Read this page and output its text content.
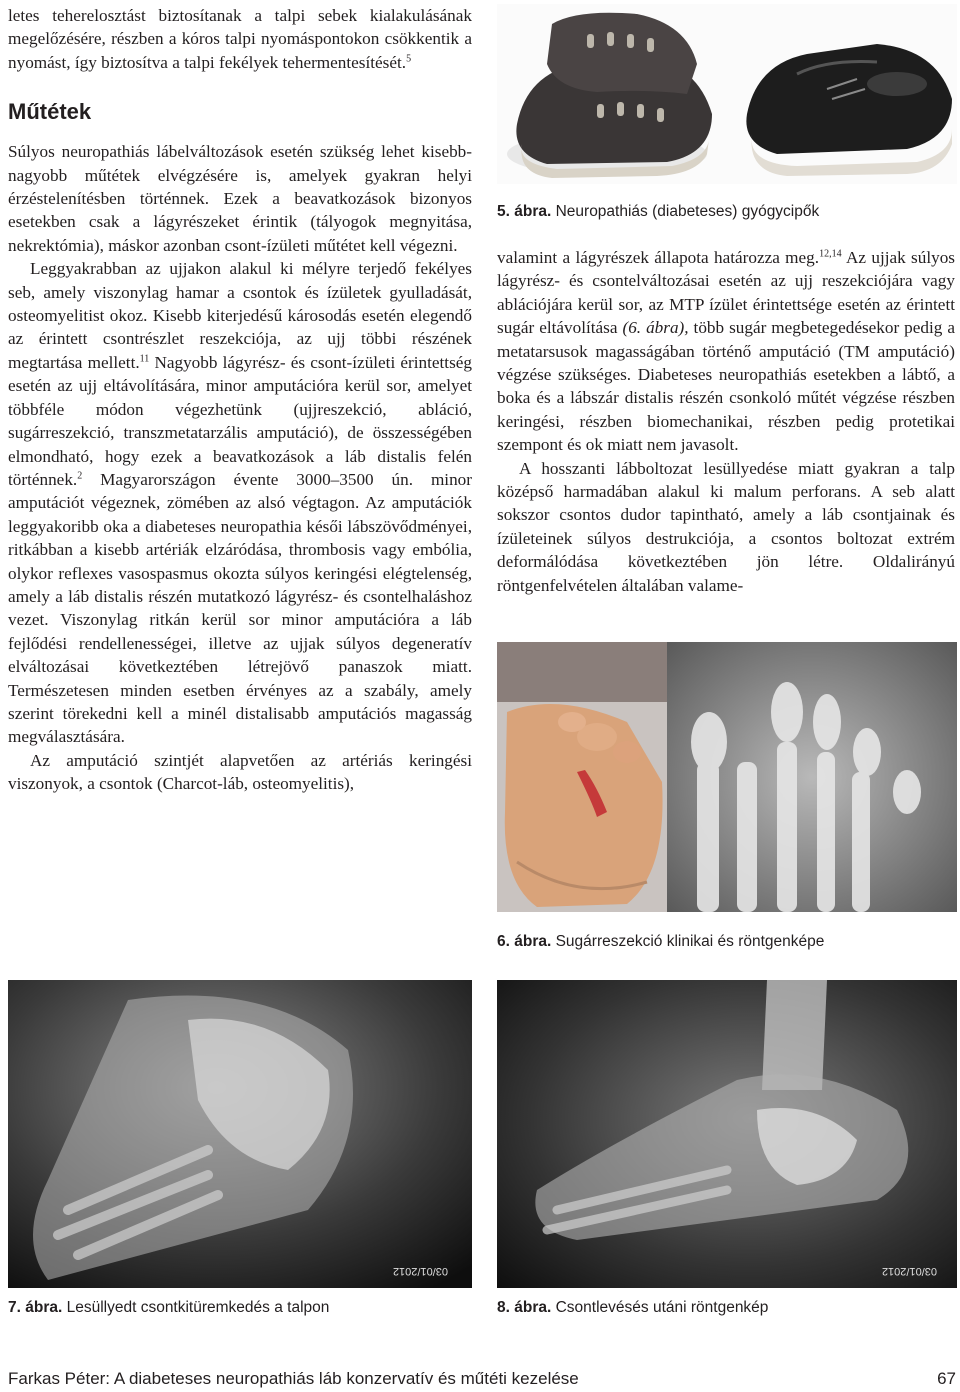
letes teherelosztást biztosítanak a talpi sebek kialakulásának megelőzésére, részben a kóros talpi nyomáspontokon csökkentik a nyomást, így biztosítva a talpi fekélyek tehermentesítését.$^5$

Műtétek

Súlyos neuropathiás lábelváltozások esetén szükség lehet kisebb-nagyobb műtétek elvégzésére is, amelyek gyakran helyi érzéstelenítésben történnek. Ezek a beavatkozások bizonyos esetekben csak a lágyrészeket érintik (tályogok megnyitása, nekrektómia), máskor azonban csont-ízületi műtétet kell végezni.

Leggyakrabban az ujjakon alakul ki mélyre terjedő fekélyes seb, amely viszonylag hamar a csontok és ízületek gyulladását, osteomyelitist okoz. Kisebb kiterjedésű károsodás esetén elegendő az érintett csontrészlet reszekciója, az ujj többi részének megtartása mellett.$^{11}$ Nagyobb lágyrész- és csont-ízületi érintettség esetén az ujj eltávolítására, minor amputációra kerül sor, amelyet többféle módon végezhetünk (ujjreszekció, abláció, sugárreszekció, transzmetatarzális amputáció), de összességében elmondható, hogy ezek a beavatkozások a láb distalis felén történnek.$^2$ Magyarországon évente 3000–3500 ún. minor amputációt végeznek, zömében az alsó végtagon. Az amputációk leggyakoribb oka a diabeteses neuropathia késői lábszövődményei, ritkábban a kisebb artériák elzáródása, thrombosis vagy embólia, olykor reflexes vasospasmus okozta súlyos keringési elégtelenség, amely a láb distalis részén mutatkozó lágyrész- és csontelhaláshoz vezet. Viszonylag ritkán kerül sor minor amputációra a láb fejlődési rendellenességei, illetve az ujjak súlyos degeneratív elváltozásai következtében létrejövő panaszok miatt. Természetesen minden esetben érvényes az a szabály, amely szerint törekedni kell a minél distalisabb amputációs magasság megválasztására.

Az amputáció szintjét alapvetően az artériás keringési viszonyok, a csontok (Charcot-láb, osteomyelitis),

5. ábra. Neuropathiás (diabeteses) gyógycipők

valamint a lágyrészek állapota határozza meg.$^{12,14}$ Az ujjak súlyos lágyrész- és csontelváltozásai esetén az ujj reszekciójára vagy ablációjára kerül sor, az MTP ízület érintettsége esetén az érintett sugár eltávolítása (6. ábra), több sugár megbetegedésekor pedig a metatarsusok magasságában történő amputáció (TM amputáció) végzése szükséges. Diabeteses neuropathiás esetekben a lábtő, a boka és a lábszár distalis részén csonkoló műtét végzése részben keringési, részben biomechanikai, részben pedig protetikai szempont és ok miatt nem javasolt.

A hosszanti lábboltozat lesüllyedése miatt gyakran a talp középső harmadában alakul ki malum perforans. A seb alatt sokszor csontos dudor tapintható, amely a láb csontjainak és ízületeinek súlyos destrukciója, a csontos boltozat extrém deformálódása következtében jön létre. Oldalirányú röntgenfelvételen általában valame-

6. ábra. Sugárreszekció klinikai és röntgenképe
03/01/2012
7. ábra. Lesüllyedt csontkitüremkedés a talpon
03/01/2012
8. ábra. Csontlevésés utáni röntgenkép
Farkas Péter: A diabeteses neuropathiás láb konzervatív és műtéti kezelése	67
